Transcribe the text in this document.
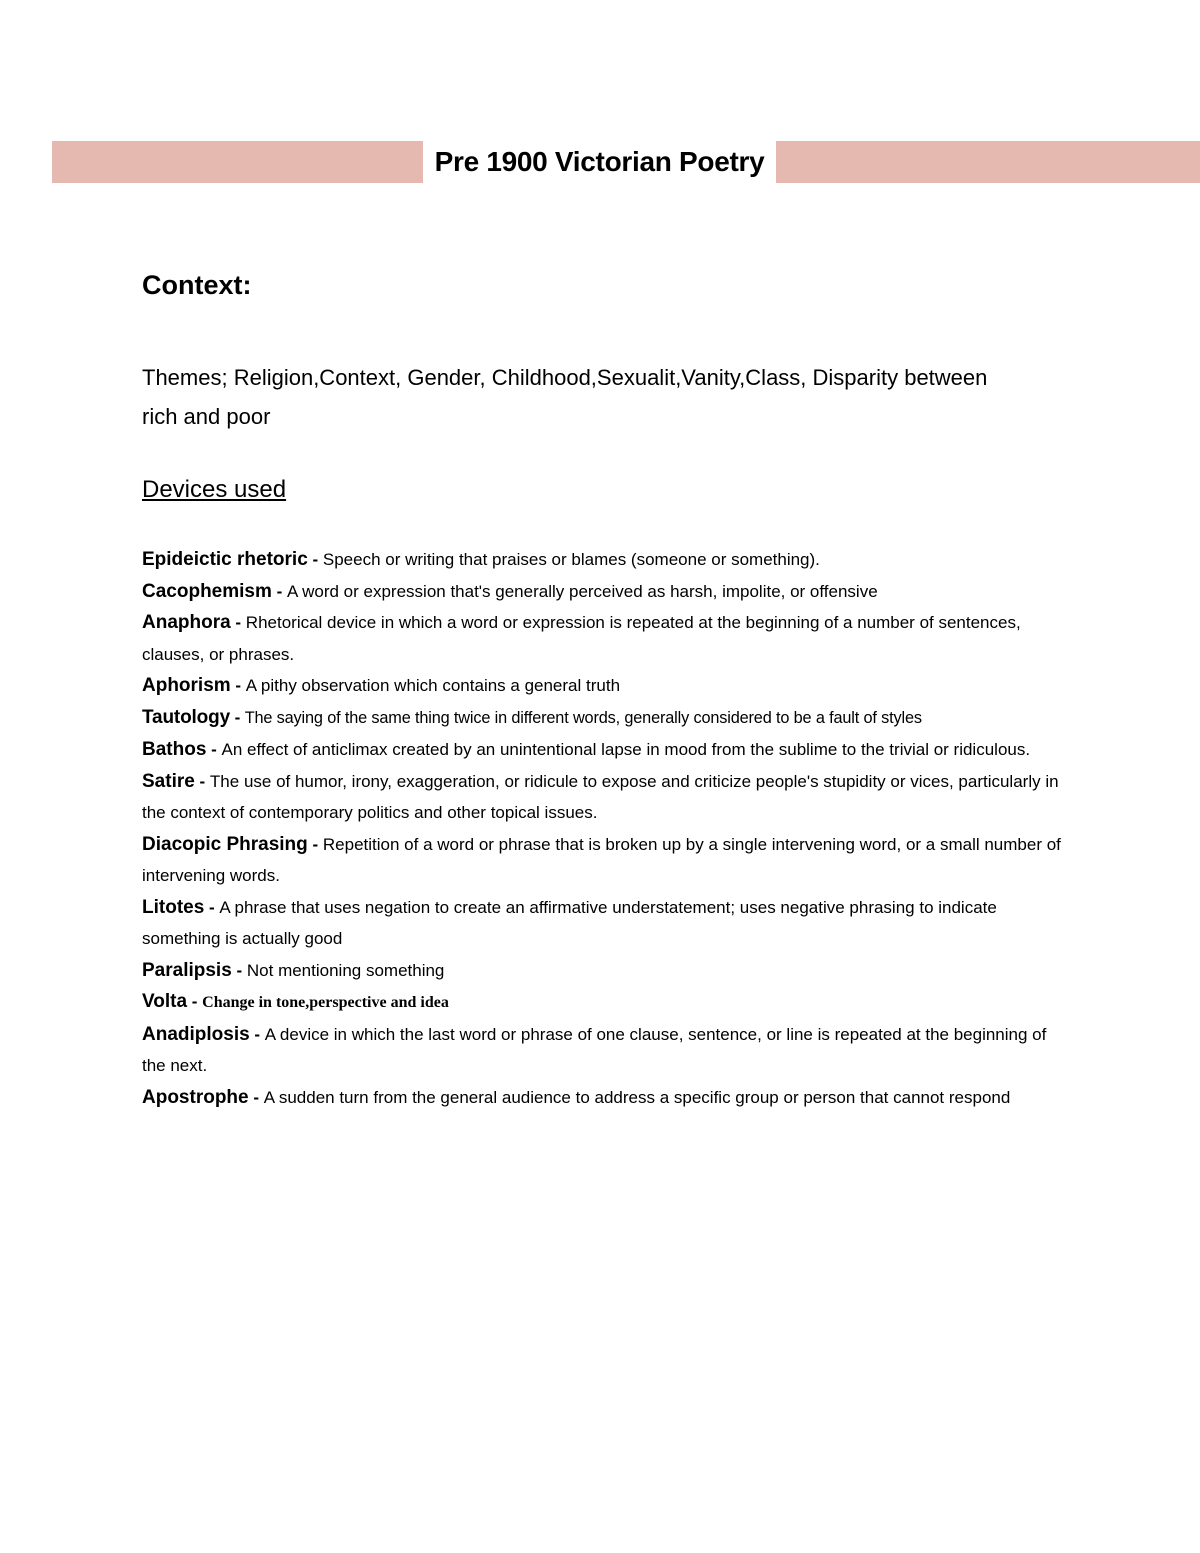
Pre 1900 Victorian Poetry
Context:
Themes; Religion,Context, Gender, Childhood,Sexualit,Vanity,Class, Disparity between rich and poor
Devices used
Epideictic rhetoric - Speech or writing that praises or blames (someone or something).
Cacophemism - A word or expression that's generally perceived as harsh, impolite, or offensive
Anaphora - Rhetorical device in which a word or expression is repeated at the beginning of a number of sentences, clauses, or phrases.
Aphorism - A pithy observation which contains a general truth
Tautology - The saying of the same thing twice in different words, generally considered to be a fault of styles
Bathos - An effect of anticlimax created by an unintentional lapse in mood from the sublime to the trivial or ridiculous.
Satire - The use of humor, irony, exaggeration, or ridicule to expose and criticize people's stupidity or vices, particularly in the context of contemporary politics and other topical issues.
Diacopic Phrasing - Repetition of a word or phrase that is broken up by a single intervening word, or a small number of intervening words.
Litotes - A phrase that uses negation to create an affirmative understatement; uses negative phrasing to indicate something is actually good
Paralipsis - Not mentioning something
Volta - Change in tone,perspective and idea
Anadiplosis - A device in which the last word or phrase of one clause, sentence, or line is repeated at the beginning of the next.
Apostrophe - A sudden turn from the general audience to address a specific group or person that cannot respond
